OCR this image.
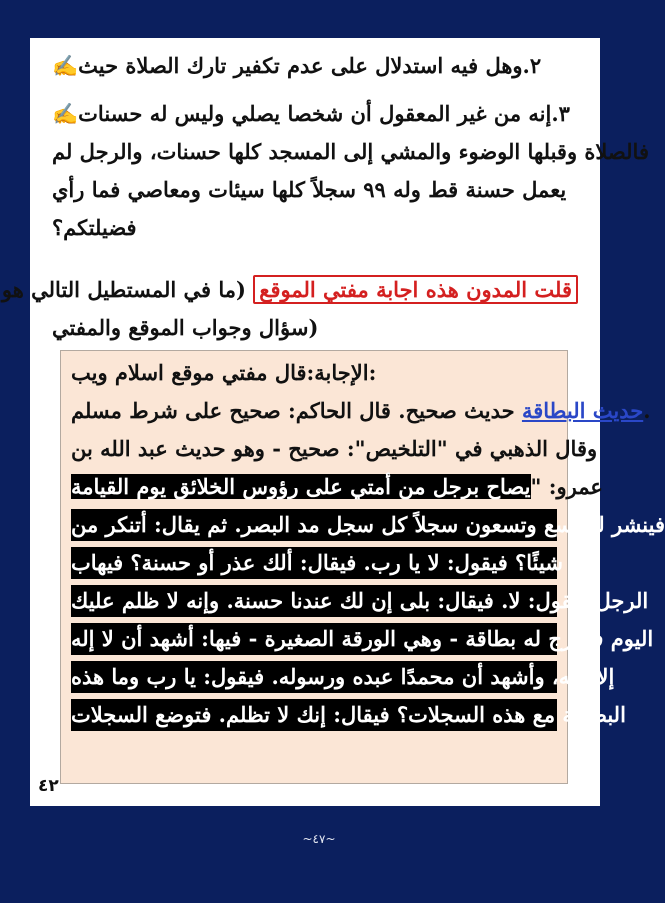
✍٢.وهل فيه استدلال على عدم تكفير تارك الصلاة حيث
✍٣.إنه من غير المعقول أن شخصا يصلي وليس له حسنات
فالصلاة وقبلها الوضوء والمشي إلى المسجد كلها حسنات، والرجل لم
يعمل حسنة قط وله ٩٩ سجلاً كلها سيئات ومعاصي فما رأي
فضيلتكم؟
قلت المدون هذه اجابة مفتي الموقع (ما في المستطيل التالي هو
سؤال وجواب الموقع والمفتي)
الإجابة:قال مفتي موقع اسلام ويب:
حديث البطاقة حديث صحيح. قال الحاكم: صحيح على شرط مسلم.
وقال الذهبي في "التلخيص": صحيح - وهو حديث عبد الله بن
عمرو: "يصاح برجل من أمتي على رؤوس الخلائق يوم القيامة
فينشر له تسع وتسعون سجلاً كل سجل مد البصر. ثم يقال: أتنكر من
هذا شيئًا؟ فيقول: لا يا رب. فيقال: ألك عذر أو حسنة؟ فيهاب
الرجل ويقول: لا. فيقال: بلى إن لك عندنا حسنة. وإنه لا ظلم عليك
اليوم فيخرج له بطاقة - وهي الورقة الصغيرة - فيها: أشهد أن لا إله
إلا الله، وأشهد أن محمدًا عبده ورسوله. فيقول: يا رب وما هذه
البطاقة مع هذه السجلات؟ فيقال: إنك لا تظلم. فتوضع السجلات
٤٢
~٤٧~
